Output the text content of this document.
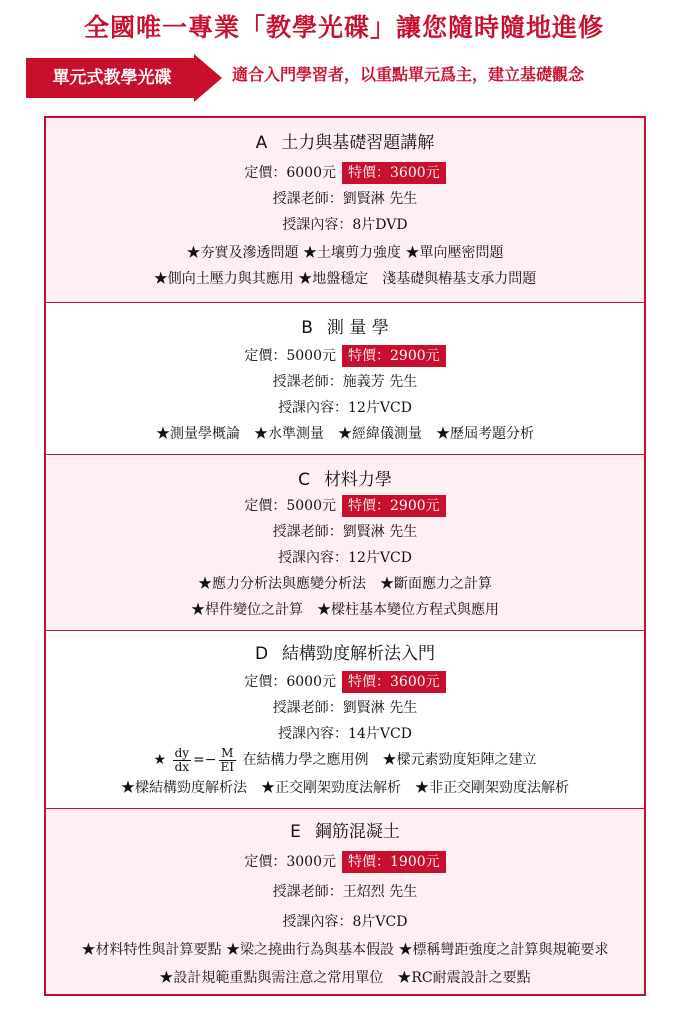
全國唯一專業「教學光碟」讓您隨時隨地進修
單元式教學光碟	適合入門學習者，以重點單元爲主，建立基礎觀念
A 土力與基礎習題講解
定價：6000元 特價：3600元
授課老師：劉賢淋 先生
授課內容：8片DVD
★夯實及滲透問題 ★土壤剪力強度 ★單向壓密問題
★側向土壓力與其應用 ★地盤穩定　淺基礎與樁基支承力問題
B 測 量 學
定價：5000元 特價：2900元
授課老師：施義芳 先生
授課內容：12片VCD
★測量學概論　 ★水準測量　 ★經緯儀測量　 ★歷屆考題分析
C 材料力學
定價：5000元 特價：2900元
授課老師：劉賢淋 先生
授課內容：12片VCD
★應力分析法與應變分析法　 ★斷面應力之計算
★桿件變位之計算　 ★樑柱基本變位方程式與應用
D 結構勁度解析法入門
定價：6000元 特價：3600元
授課老師：劉賢淋 先生
授課內容：14片VCD
★ $\frac{dy}{dx} =- \frac{M}{EI}$ 在結構力學之應用例　 ★樑元素勁度矩陣之建立
★樑結構勁度解析法　 ★正交剛架勁度法解析　 ★非正交剛架勁度法解析
E 鋼筋混凝土
定價：3000元 特價：1900元
授課老師：王炤烈 先生
授課內容：8片VCD
★材料特性與計算要點 ★梁之撓曲行為與基本假設 ★標稱彎距強度之計算與規範要求
★設計規範重點與需注意之常用單位　 ★RC耐震設計之要點
